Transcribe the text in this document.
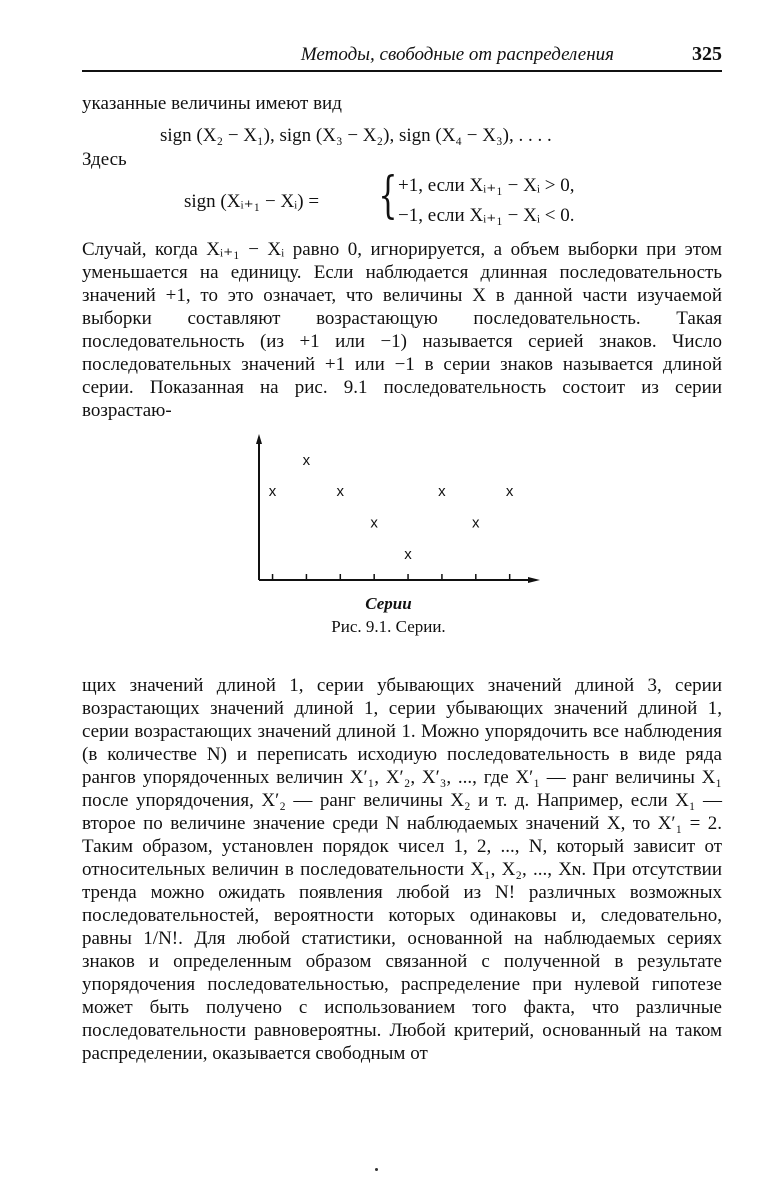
Методы, свободные от распределения	325
указанные величины имеют вид
sign (X₂ − X₁), sign (X₃ − X₂), sign (X₄ − X₃), . . . .
Здесь
sign (Xᵢ₊₁ − Xᵢ) = { +1, если Xᵢ₊₁ − Xᵢ > 0,
−1, если Xᵢ₊₁ − Xᵢ < 0.
Случай, когда Xᵢ₊₁ − Xᵢ равно 0, игнорируется, а объем выборки при этом уменьшается на единицу. Если наблюдается длинная последовательность значений +1, то это означает, что величины X в данной части изучаемой выборки составляют возрастающую последовательность. Такая последовательность (из +1 или −1) называется серией знаков. Число последовательных значений +1 или −1 в серии знаков называется длиной серии. Показанная на рис. 9.1 последовательность состоит из серии возрастаю-
x
x
x
x
x
x
x
x
Серии
Рис. 9.1. Серии.
щих значений длиной 1, серии убывающих значений длиной 3, серии возрастающих значений длиной 1, серии убывающих значений длиной 1, серии возрастающих значений длиной 1. Можно упорядочить все наблюдения (в количестве N) и переписать исходиую последовательность в виде ряда рангов упорядоченных величин X′₁, X′₂, X′₃, ..., где X′₁ — ранг величины X₁ после упорядочения, X′₂ — ранг величины X₂ и т. д. Например, если X₁ — второе по величине значение среди N наблюдаемых значений X, то X′₁ = 2. Таким образом, установлен порядок чисел 1, 2, ..., N, который зависит от относительных величин в последовательности X₁, X₂, ..., Xɴ. При отсутствии тренда можно ожидать появления любой из N! различных возможных последовательностей, вероятности которых одинаковы и, следовательно, равны 1/N!. Для любой статистики, основанной на наблюдаемых сериях знаков и определенным образом связанной с полученной в результате упорядочения последовательностью, распределение при нулевой гипотезе может быть получено с использованием того факта, что различные последовательности равновероятны. Любой критерий, основанный на таком распределении, оказывается свободным от
